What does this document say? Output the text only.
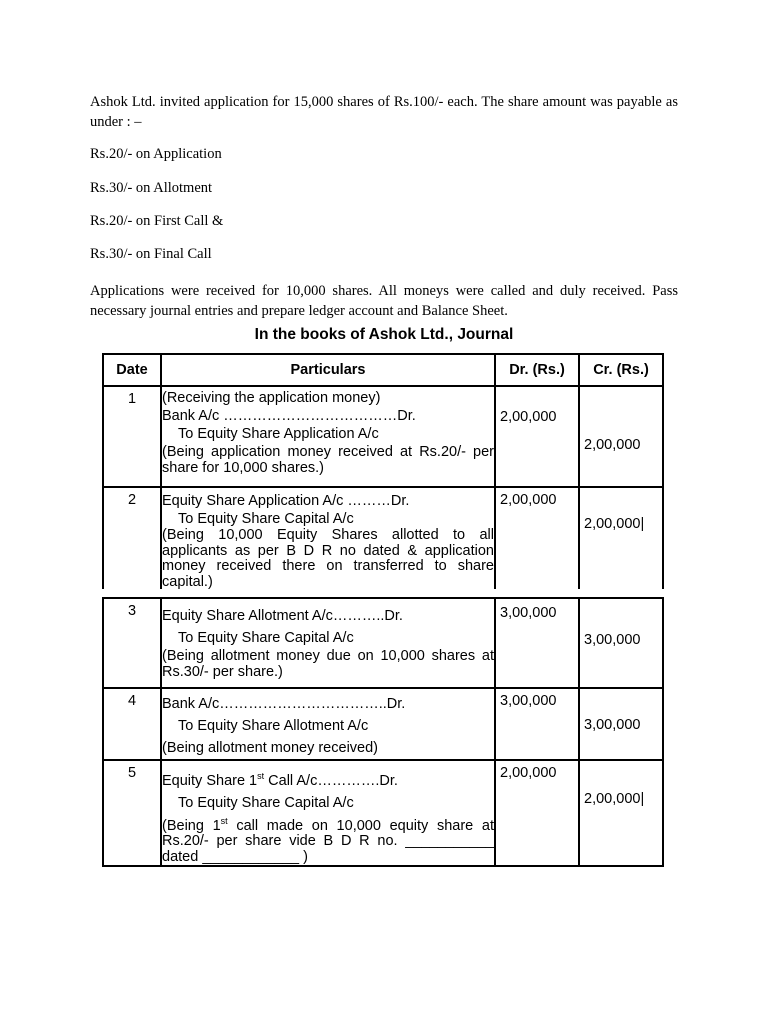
Ashok Ltd. invited application for 15,000 shares of Rs.100/- each. The share amount was payable as under : –
Rs.20/- on Application
Rs.30/- on Allotment
Rs.20/- on First Call &
Rs.30/- on Final Call
Applications were received for 10,000 shares. All moneys were called and duly received. Pass necessary journal entries and prepare ledger account and Balance Sheet.
In the books of Ashok Ltd., Journal
Date	Particulars	Dr. (Rs.)	Cr. (Rs.)
1	(Receiving the application money)
Bank A/c ………………………………Dr.
To Equity Share Application A/c
(Being application money received at Rs.20/- per share for 10,000 shares.)	2,00,000	2,00,000

2	Equity Share Application A/c ………Dr.
To Equity Share Capital A/c
(Being 10,000 Equity Shares allotted to all applicants as per B D R no dated & application money received there on transferred to share capital.)	2,00,000	2,00,000|
3	Equity Share Allotment A/c………..Dr.
To Equity Share Capital A/c
(Being allotment money due on 10,000 shares at Rs.30/- per share.)	3,00,000	3,00,000

4	Bank A/c……………………………..Dr.
To Equity Share Allotment A/c
(Being allotment money received)	3,00,000	3,00,000

5	Equity Share 1st Call A/c………….Dr.
To Equity Share Capital A/c
(Being 1st call made on 10,000 equity share at Rs.20/- per share vide B D R no. ___________ dated ____________ )	2,00,000	2,00,000|
